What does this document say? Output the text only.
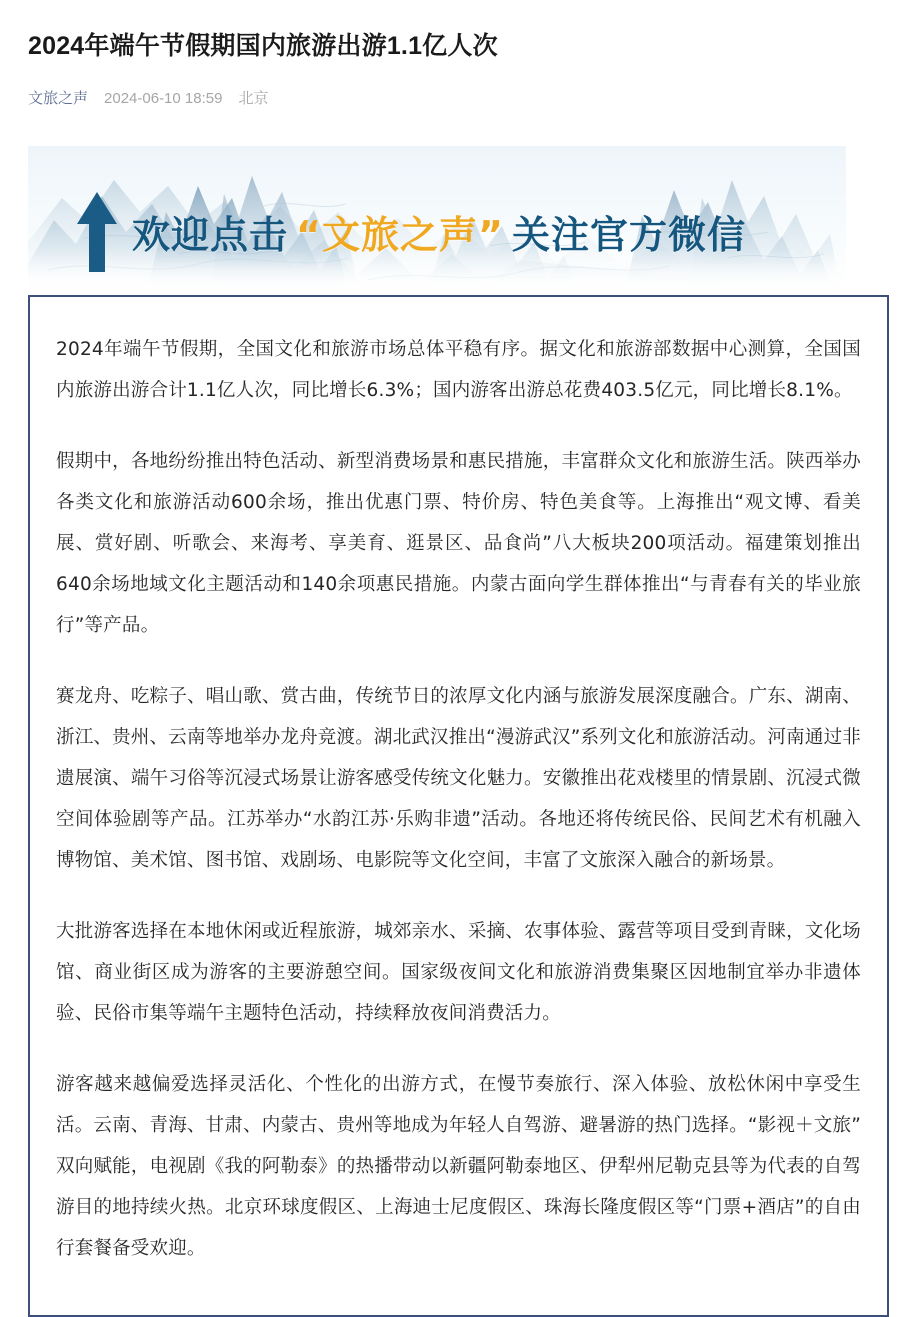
2024年端午节假期国内旅游出游1.1亿人次
文旅之声 2024-06-10 18:59 北京
欢迎点击 “文旅之声” 关注官方微信

2024年端午节假期，全国文化和旅游市场总体平稳有序。据文化和旅游部数据中心测算，全国国内旅游出游合计1.1亿人次，同比增长6.3%；国内游客出游总花费403.5亿元，同比增长8.1%。

假期中，各地纷纷推出特色活动、新型消费场景和惠民措施，丰富群众文化和旅游生活。陕西举办各类文化和旅游活动600余场，推出优惠门票、特价房、特色美食等。上海推出“观文博、看美展、赏好剧、听歌会、来海考、享美育、逛景区、品食尚”八大板块200项活动。福建策划推出640余场地域文化主题活动和140余项惠民措施。内蒙古面向学生群体推出“与青春有关的毕业旅行”等产品。

赛龙舟、吃粽子、唱山歌、赏古曲，传统节日的浓厚文化内涵与旅游发展深度融合。广东、湖南、浙江、贵州、云南等地举办龙舟竞渡。湖北武汉推出“漫游武汉”系列文化和旅游活动。河南通过非遗展演、端午习俗等沉浸式场景让游客感受传统文化魅力。安徽推出花戏楼里的情景剧、沉浸式微空间体验剧等产品。江苏举办“水韵江苏·乐购非遗”活动。各地还将传统民俗、民间艺术有机融入博物馆、美术馆、图书馆、戏剧场、电影院等文化空间，丰富了文旅深入融合的新场景。

大批游客选择在本地休闲或近程旅游，城郊亲水、采摘、农事体验、露营等项目受到青睐，文化场馆、商业街区成为游客的主要游憩空间。国家级夜间文化和旅游消费集聚区因地制宜举办非遗体验、民俗市集等端午主题特色活动，持续释放夜间消费活力。

游客越来越偏爱选择灵活化、个性化的出游方式，在慢节奏旅行、深入体验、放松休闲中享受生活。云南、青海、甘肃、内蒙古、贵州等地成为年轻人自驾游、避暑游的热门选择。“影视＋文旅”双向赋能，电视剧《我的阿勒泰》的热播带动以新疆阿勒泰地区、伊犁州尼勒克县等为代表的自驾游目的地持续火热。北京环球度假区、上海迪士尼度假区、珠海长隆度假区等“门票+酒店”的自由行套餐备受欢迎。
